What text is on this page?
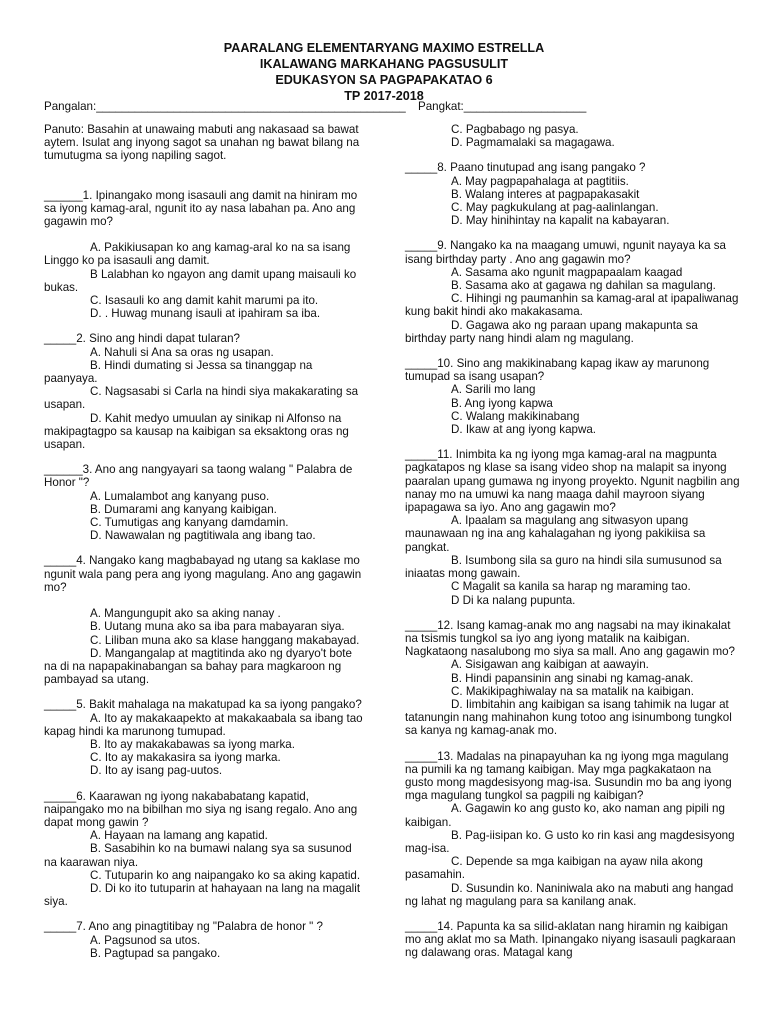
PAARALANG ELEMENTARYANG MAXIMO ESTRELLA
IKALAWANG MARKAHANG PAGSUSULIT
EDUKASYON SA PAGPAPAKATAO 6
TP 2017-2018
Pangalan:________________________________________________ Pangkat:___________________

Panuto: Basahin at unawaing mabuti ang nakasaad sa bawat aytem. Isulat ang inyong sagot sa unahan ng bawat bilang na tumutugma sa iyong napiling sagot.

______1. Ipinangako mong isasauli ang damit na hiniram mo sa iyong kamag-aral, ngunit ito ay nasa labahan pa. Ano ang gagawin mo?

A. Pakikiusapan ko ang kamag-aral ko na sa isang Linggo ko pa isasauli ang damit.

B Lalabhan ko ngayon ang damit upang maisauli ko bukas.

C. Isasauli ko ang damit kahit marumi pa ito.

D. . Huwag munang isauli at ipahiram sa iba.

_____2. Sino ang hindi dapat tularan?

A. Nahuli si Ana sa oras ng usapan.

B. Hindi dumating si Jessa sa tinanggap na paanyaya.

C. Nagsasabi si Carla na hindi siya makakarating sa usapan.

D. Kahit medyo umuulan ay sinikap ni Alfonso na makipagtagpo sa kausap na kaibigan sa eksaktong oras ng usapan.

______3. Ano ang nangyayari sa taong walang " Palabra de Honor "?

A. Lumalambot ang kanyang puso.

B. Dumarami ang kanyang kaibigan.

C. Tumutigas ang kanyang damdamin.

D. Nawawalan ng pagtitiwala ang ibang tao.

_____4. Nangako kang magbabayad ng utang sa kaklase mo ngunit wala pang pera ang iyong magulang. Ano ang gagawin mo?

A. Mangungupit ako sa aking nanay .

B. Uutang muna ako sa iba para mabayaran siya.

C. Liliban muna ako sa klase hanggang makabayad.

D. Mangangalap at magtitinda ako ng dyaryo't bote na di na napapakinabangan sa bahay para magkaroon ng pambayad sa utang.

_____5. Bakit mahalaga na makatupad ka sa iyong pangako?

A. Ito ay makakaapekto at makakaabala sa ibang tao kapag hindi ka marunong tumupad.

B. Ito ay makakabawas sa iyong marka.

C. Ito ay makakasira sa iyong marka.

D. Ito ay isang pag-uutos.

_____6. Kaarawan ng iyong nakababatang kapatid, naipangako mo na bibilhan mo siya ng isang regalo. Ano ang dapat mong gawin ?

A. Hayaan na lamang ang kapatid.

B. Sasabihin ko na bumawi nalang sya sa susunod na kaarawan niya.

C. Tutuparin ko ang naipangako ko sa aking kapatid.

D. Di ko ito tutuparin at hahayaan na lang na magalit siya.

_____7. Ano ang pinagtitibay ng "Palabra de honor " ?

A. Pagsunod sa utos.

B. Pagtupad sa pangako.

C. Pagbabago ng pasya.

D. Pagmamalaki sa magagawa.

_____8. Paano tinutupad ang isang pangako ?

A. May pagpapahalaga at pagtitiis.

B. Walang interes at pagpapakasakit

C. May pagkukulang at pag-aalinlangan.

D. May hinihintay na kapalit na kabayaran.

_____9. Nangako ka na maagang umuwi, ngunit nayaya ka sa isang birthday party . Ano ang gagawin mo?

A. Sasama ako ngunit magpapaalam kaagad

B. Sasama ako at gagawa ng dahilan sa magulang.

C. Hihingi ng paumanhin sa kamag-aral at ipapaliwanag kung bakit hindi ako makakasama.

D. Gagawa ako ng paraan upang makapunta sa birthday party nang hindi alam ng magulang.

_____10. Sino ang makikinabang kapag ikaw ay marunong tumupad sa isang usapan?

A. Sarili mo lang

B. Ang iyong kapwa

C. Walang makikinabang

D. Ikaw at ang iyong kapwa.

_____11. Inimbita ka ng iyong mga kamag-aral na magpunta pagkatapos ng klase sa isang video shop na malapit sa inyong paaralan upang gumawa ng inyong proyekto. Ngunit nagbilin ang nanay mo na umuwi ka nang maaga dahil mayroon siyang ipapagawa sa iyo. Ano ang gagawin mo?

A. Ipaalam sa magulang ang sitwasyon upang maunawaan ng ina ang kahalagahan ng iyong pakikiisa sa pangkat.

B. Isumbong sila sa guro na hindi sila sumusunod sa iniaatas mong gawain.

C Magalit sa kanila sa harap ng maraming tao.

D Di ka nalang pupunta.

_____12. Isang kamag-anak mo ang nagsabi na may ikinakalat na tsismis tungkol sa iyo ang iyong matalik na kaibigan. Nagkataong nasalubong mo siya sa mall. Ano ang gagawin mo?

A. Sisigawan ang kaibigan at aawayin.

B. Hindi papansinin ang sinabi ng kamag-anak.

C. Makikipaghiwalay na sa matalik na kaibigan.

D. Iimbitahin ang kaibigan sa isang tahimik na lugar at tatanungin nang mahinahon kung totoo ang isinumbong tungkol sa kanya ng kamag-anak mo.

_____13. Madalas na pinapayuhan ka ng iyong mga magulang na pumili ka ng tamang kaibigan. May mga pagkakataon na gusto mong magdesisyong mag-isa. Susundin mo ba ang iyong mga magulang tungkol sa pagpili ng kaibigan?

A. Gagawin ko ang gusto ko, ako naman ang pipili ng kaibigan.

B. Pag-iisipan ko. G usto ko rin kasi ang magdesisyong mag-isa.

C. Depende sa mga kaibigan na ayaw nila akong pasamahin.

D. Susundin ko. Naniniwala ako na mabuti ang hangad ng lahat ng magulang para sa kanilang anak.

_____14. Papunta ka sa silid-aklatan nang hiramin ng kaibigan mo ang aklat mo sa Math. Ipinangako niyang isasauli pagkaraan ng dalawang oras. Matagal kang
